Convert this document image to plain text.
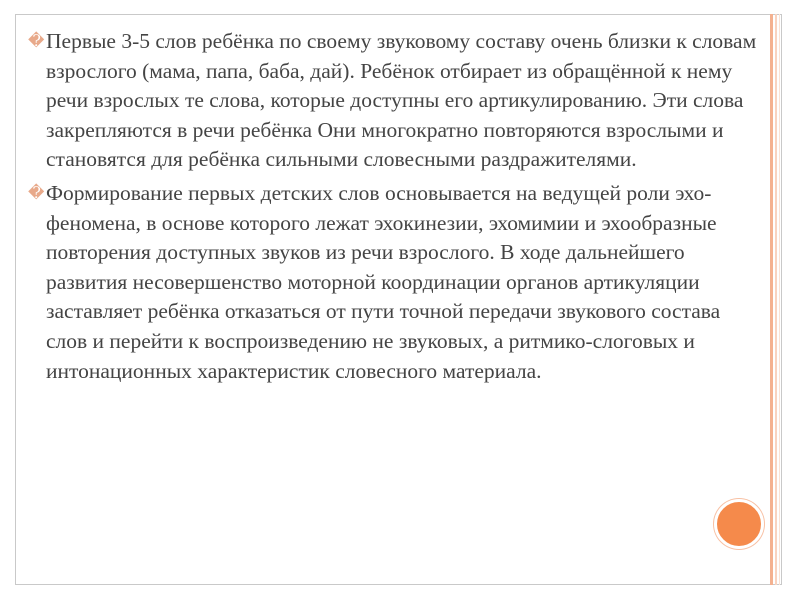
� Первые 3-5 слов ребёнка по своему звуковому составу очень близки к словам взрослого (мама, папа, баба, дай). Ребёнок отбирает из обращённой к нему речи взрослых те слова, которые доступны его артикулированию. Эти слова закрепляются в речи ребёнка Они многократно повторяются взрослыми и становятся для ребёнка сильными словесными раздражителями.
� Формирование первых детских слов основывается на ведущей роли эхо-феномена, в основе которого лежат эхокинезии, эхомимии и эхообразные повторения доступных звуков из речи взрослого. В ходе дальнейшего развития несовершенство моторной координации органов артикуляции заставляет ребёнка отказаться от пути точной передачи звукового состава слов и перейти к воспроизведению не звуковых, а ритмико-слоговых и интонационных характеристик словесного материала.
